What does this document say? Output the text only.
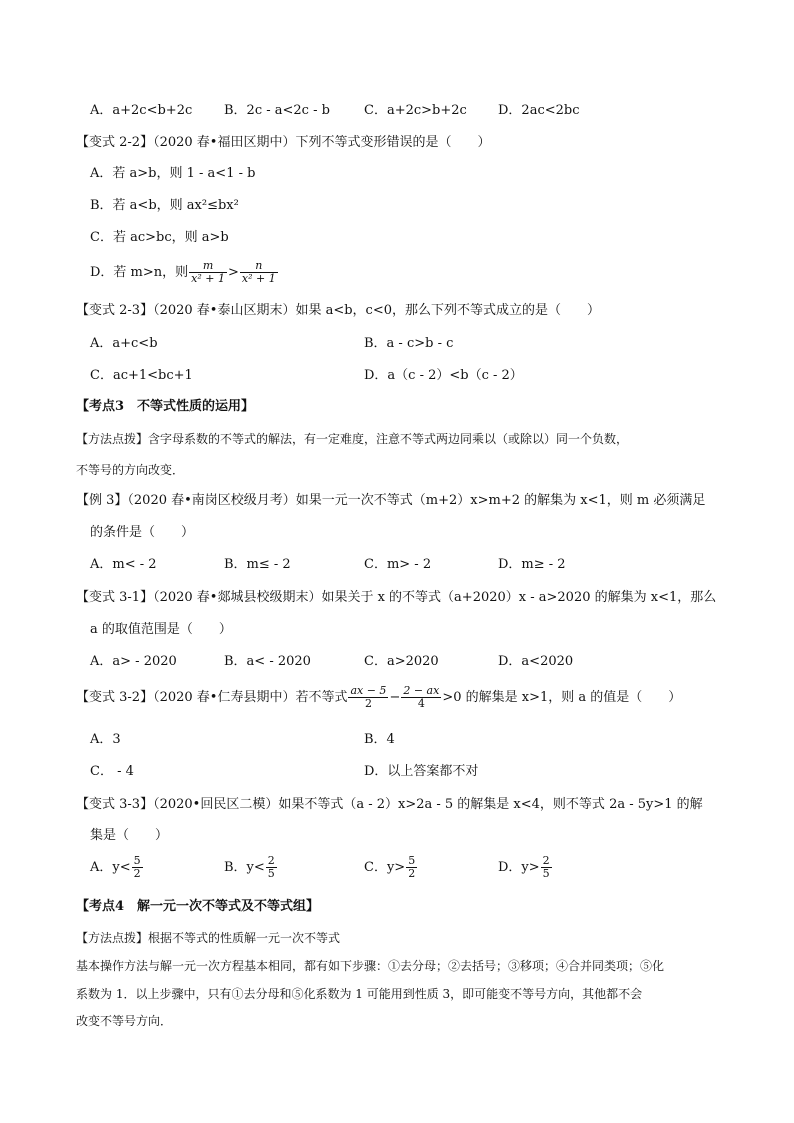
A．a+2c<b+2c B．2c - a<2c - b	C．a+2c>b+2c D．2ac<2bc
【变式 2-2】（2020 春•福田区期中）下列不等式变形错误的是（　　）
A．若 a>b，则 1 - a<1 - b
B．若 a<b，则 ax²≤bx²
C．若 ac>bc，则 a>b
D．若 m>n，则 $\frac{m}{\text{x² + 1}} > \frac{n}{\text{x² + 1}}$
【变式 2-3】（2020 春•泰山区期末）如果 a<b，c<0，那么下列不等式成立的是（　　）
A．a+c<b	B．a - c>b - c
C．ac+1<bc+1	D．a（c - 2）<b（c - 2）
【考点3　不等式性质的运用】
【方法点拨】含字母系数的不等式的解法，有一定难度，注意不等式两边同乘以（或除以）同一个负数，
不等号的方向改变．
【例 3】（2020 春•南岗区校级月考）如果一元一次不等式（m+2）x>m+2 的解集为 x<1，则 m 必须满足
的条件是（　　）
A．m< - 2	B．m≤ - 2	C．m> - 2	D．m≥ - 2
【变式 3-1】（2020 春•郯城县校级期末）如果关于 x 的不等式（a+2020）x - a>2020 的解集为 x<1，那么
a 的取值范围是（　　）
A．a> - 2020	B．a< - 2020	C．a>2020	D．a<2020
【变式 3-2】（2020 春•仁寿县期中）若不等式 $\frac{ax - 5}{2} - \frac{2 - ax}{4} >0$ 的解集是 x>1，则 a 的值是（　　）
A．3	B．4
C． - 4	D．以上答案都不对
【变式 3-3】（2020•回民区二模）如果不等式（a - 2）x>2a - 5 的解集是 x<4，则不等式 2a - 5y>1 的解
集是（　　）
A．$y< \frac{5}{2}$	B．$y< \frac{2}{5}$	C．$y> \frac{5}{2}$	D．$y> \frac{2}{5}$
【考点4　解一元一次不等式及不等式组】
【方法点拨】根据不等式的性质解一元一次不等式
基本操作方法与解一元一次方程基本相同，都有如下步骤：①去分母；②去括号；③移项；④合并同类项；⑤化
系数为 1．以上步骤中，只有①去分母和⑤化系数为 1 可能用到性质 3，即可能变不等号方向，其他都不会
改变不等号方向．
